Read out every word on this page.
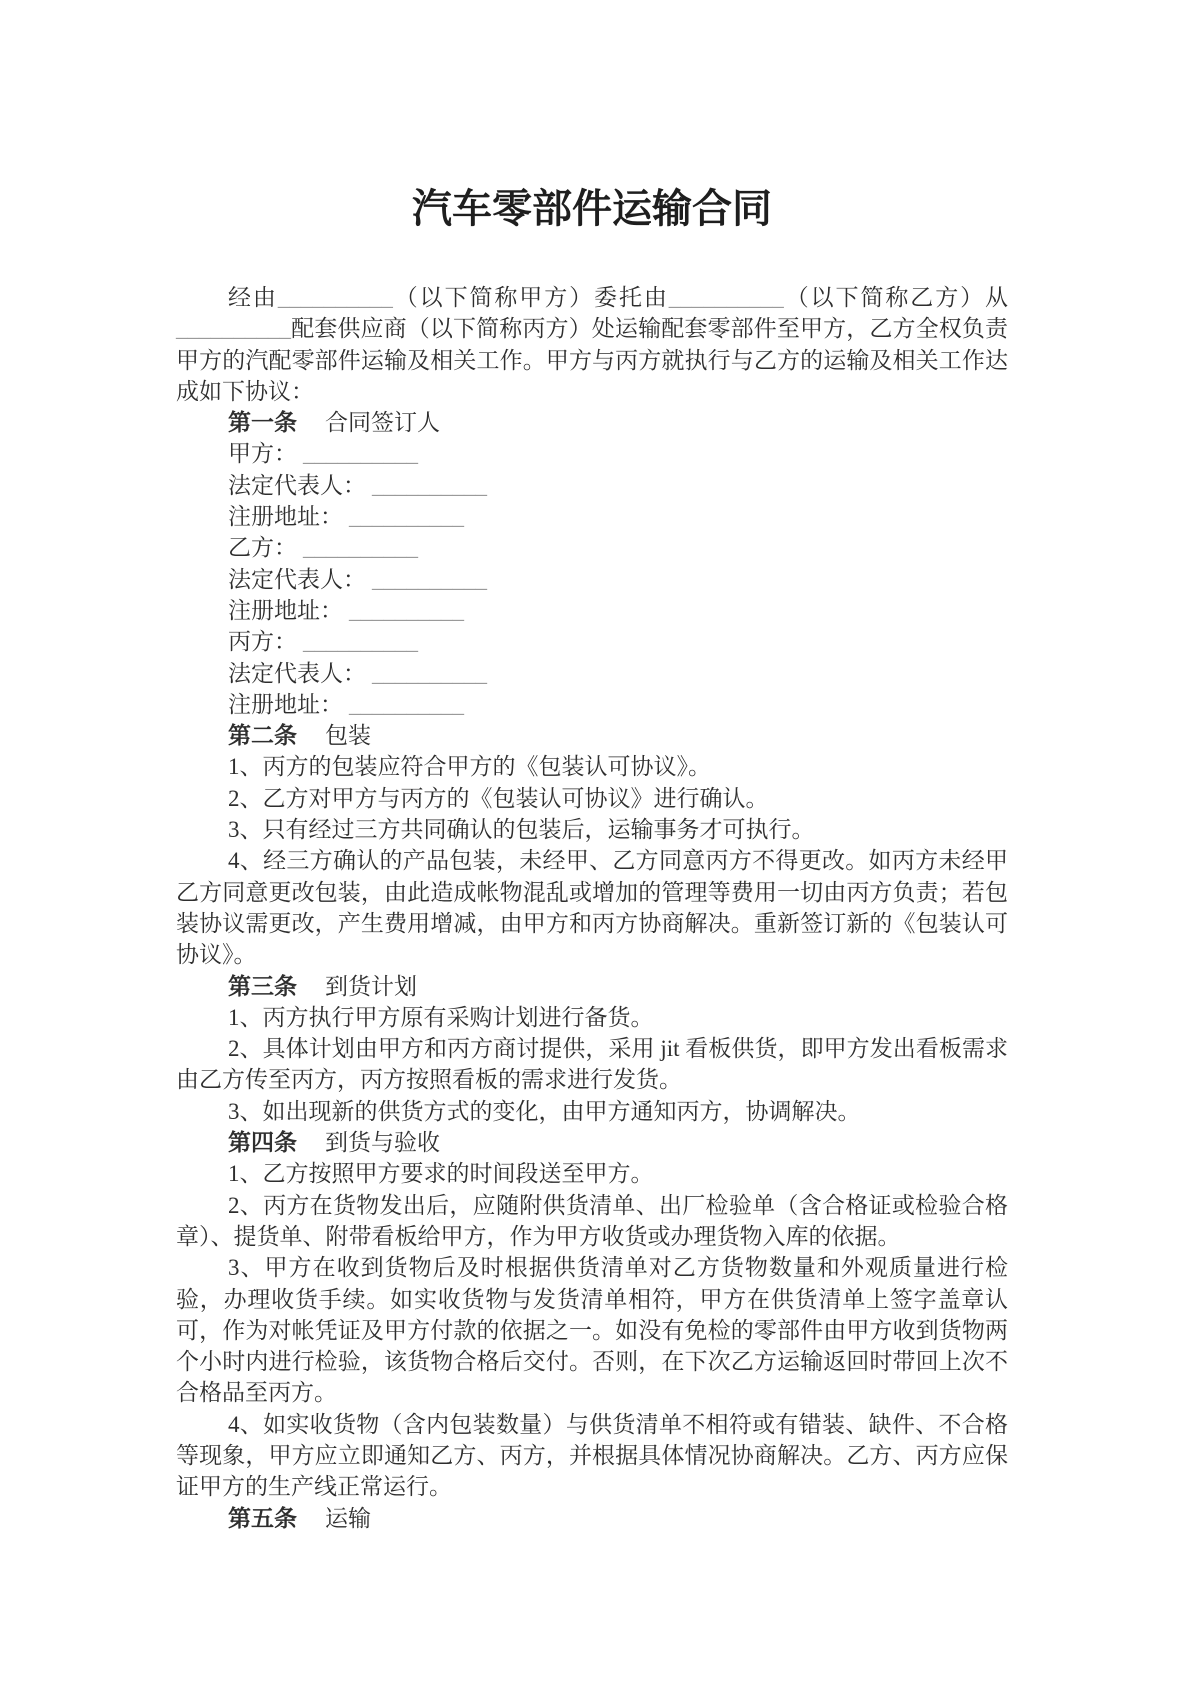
汽车零部件运输合同

经由__________（以下简称甲方）委托由__________（以下简称乙方）从__________配套供应商（以下简称丙方）处运输配套零部件至甲方，乙方全权负责甲方的汽配零部件运输及相关工作。甲方与丙方就执行与乙方的运输及相关工作达成如下协议：

第一条 合同签订人

甲方： __________

法定代表人： __________

注册地址： __________

乙方： __________

法定代表人： __________

注册地址： __________

丙方： __________

法定代表人： __________

注册地址： __________

第二条 包装

1、丙方的包装应符合甲方的《包装认可协议》。

2、乙方对甲方与丙方的《包装认可协议》进行确认。

3、只有经过三方共同确认的包装后，运输事务才可执行。

4、经三方确认的产品包装，未经甲、乙方同意丙方不得更改。如丙方未经甲乙方同意更改包装，由此造成帐物混乱或增加的管理等费用一切由丙方负责；若包装协议需更改，产生费用增减，由甲方和丙方协商解决。重新签订新的《包装认可协议》。

第三条 到货计划

1、丙方执行甲方原有采购计划进行备货。

2、具体计划由甲方和丙方商讨提供，采用 jit 看板供货，即甲方发出看板需求由乙方传至丙方，丙方按照看板的需求进行发货。

3、如出现新的供货方式的变化，由甲方通知丙方，协调解决。

第四条 到货与验收

1、乙方按照甲方要求的时间段送至甲方。

2、丙方在货物发出后，应随附供货清单、出厂检验单（含合格证或检验合格章）、提货单、附带看板给甲方，作为甲方收货或办理货物入库的依据。

3、甲方在收到货物后及时根据供货清单对乙方货物数量和外观质量进行检验，办理收货手续。如实收货物与发货清单相符，甲方在供货清单上签字盖章认可，作为对帐凭证及甲方付款的依据之一。如没有免检的零部件由甲方收到货物两个小时内进行检验，该货物合格后交付。否则，在下次乙方运输返回时带回上次不合格品至丙方。

4、如实收货物（含内包装数量）与供货清单不相符或有错装、缺件、不合格等现象，甲方应立即通知乙方、丙方，并根据具体情况协商解决。乙方、丙方应保证甲方的生产线正常运行。

第五条 运输
